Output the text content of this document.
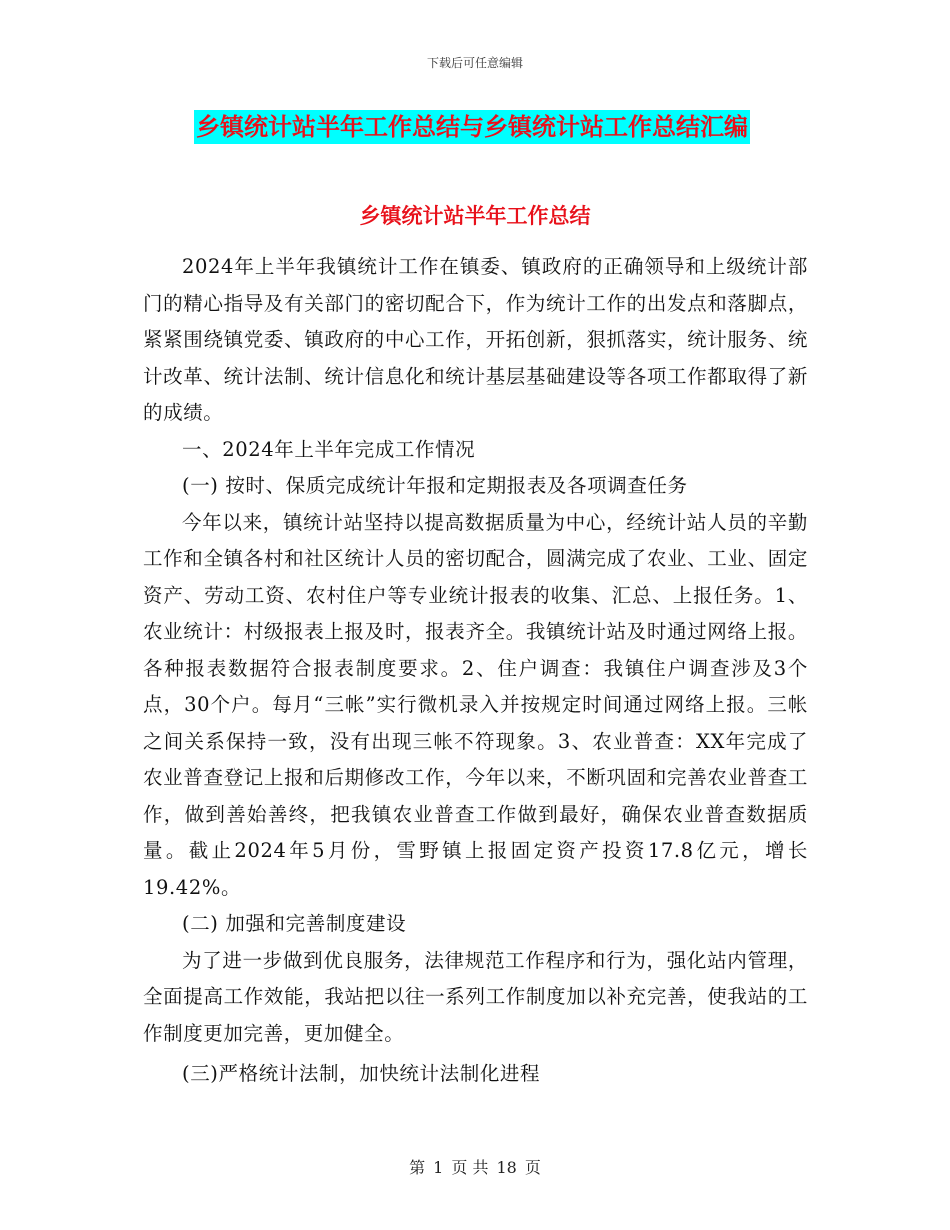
下载后可任意编辑
乡镇统计站半年工作总结与乡镇统计站工作总结汇编
乡镇统计站半年工作总结

2024年上半年我镇统计工作在镇委、镇政府的正确领导和上级统计部门的精心指导及有关部门的密切配合下，作为统计工作的出发点和落脚点，紧紧围绕镇党委、镇政府的中心工作，开拓创新，狠抓落实，统计服务、统计改革、统计法制、统计信息化和统计基层基础建设等各项工作都取得了新的成绩。

一、2024年上半年完成工作情况

(一) 按时、保质完成统计年报和定期报表及各项调查任务

今年以来，镇统计站坚持以提高数据质量为中心，经统计站人员的辛勤工作和全镇各村和社区统计人员的密切配合，圆满完成了农业、工业、固定资产、劳动工资、农村住户等专业统计报表的收集、汇总、上报任务。1、农业统计：村级报表上报及时，报表齐全。我镇统计站及时通过网络上报。各种报表数据符合报表制度要求。2、住户调查：我镇住户调查涉及3个点，30个户。每月“三帐”实行微机录入并按规定时间通过网络上报。三帐之间关系保持一致，没有出现三帐不符现象。3、农业普查：XX年完成了农业普查登记上报和后期修改工作，今年以来，不断巩固和完善农业普查工作，做到善始善终，把我镇农业普查工作做到最好，确保农业普查数据质量。截止2024年5月份，雪野镇上报固定资产投资17.8亿元，增长19.42%。

(二) 加强和完善制度建设

为了进一步做到优良服务，法律规范工作程序和行为，强化站内管理，全面提高工作效能，我站把以往一系列工作制度加以补充完善，使我站的工作制度更加完善，更加健全。

(三)严格统计法制，加快统计法制化进程

第 1 页 共 18 页
